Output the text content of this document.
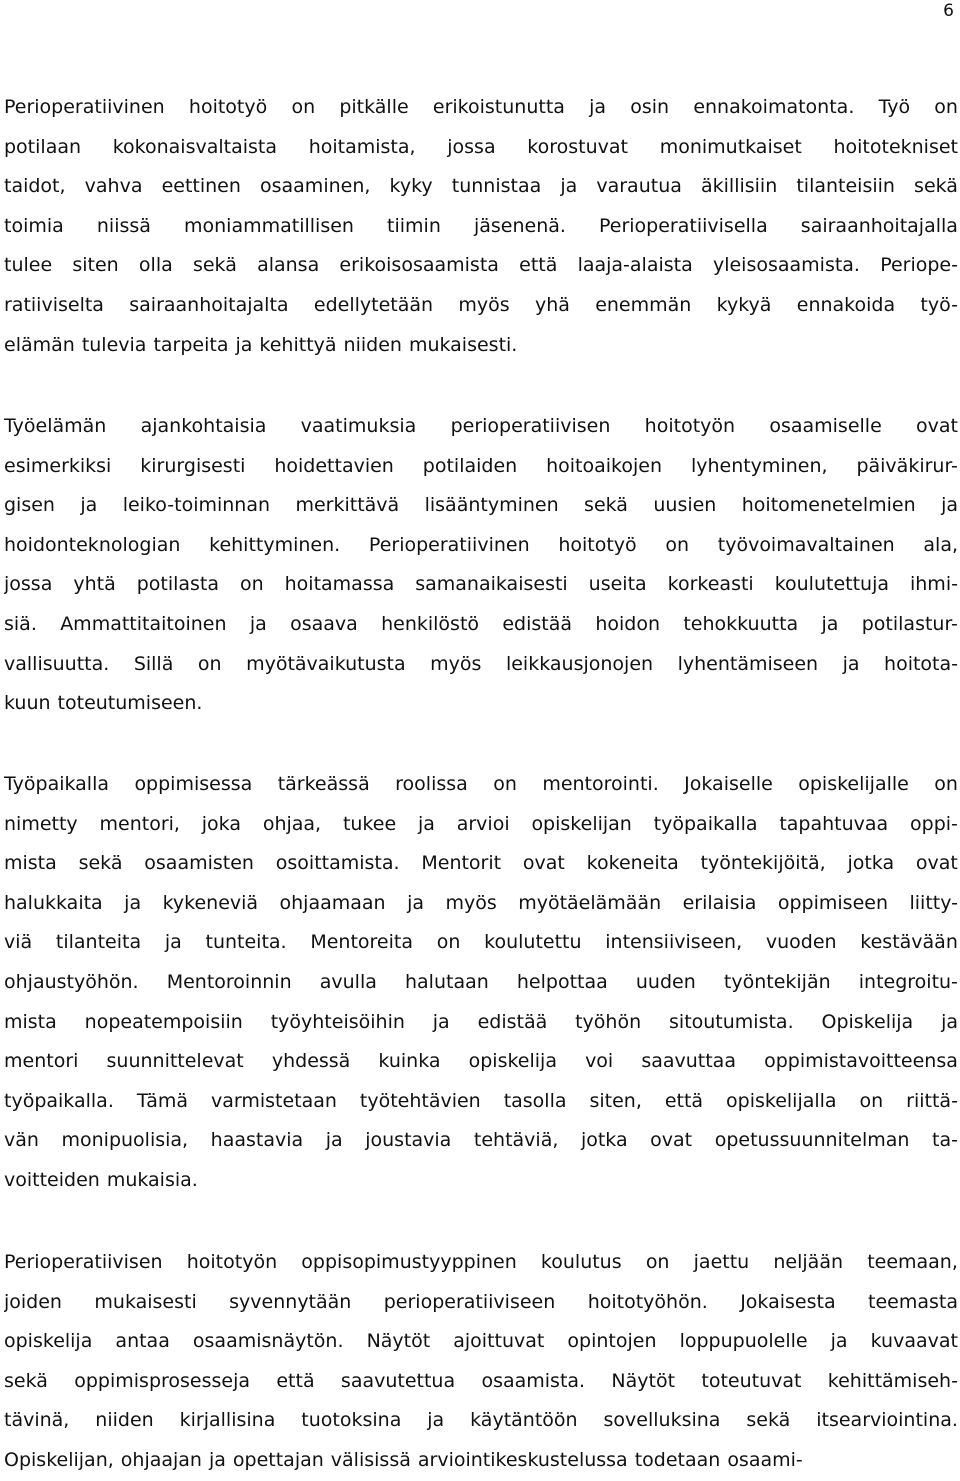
6
Perioperatiivinen hoitotyö on pitkälle erikoistunutta ja osin ennakoimatonta. Työ on
potilaan kokonaisvaltaista hoitamista, jossa korostuvat monimutkaiset hoitotekniset
taidot, vahva eettinen osaaminen, kyky tunnistaa ja varautua äkillisiin tilanteisiin sekä
toimia niissä moniammatillisen tiimin jäsenenä. Perioperatiivisella sairaanhoitajalla
tulee siten olla sekä alansa erikoisosaamista että laaja-alaista yleisosaamista. Periope-
ratiiviselta sairaanhoitajalta edellytetään myös yhä enemmän kykyä ennakoida työ-
elämän tulevia tarpeita ja kehittyä niiden mukaisesti.
Työelämän ajankohtaisia vaatimuksia perioperatiivisen hoitotyön osaamiselle ovat
esimerkiksi kirurgisesti hoidettavien potilaiden hoitoaikojen lyhentyminen, päiväkirur-
gisen ja leiko-toiminnan merkittävä lisääntyminen sekä uusien hoitomenetelmien ja
hoidonteknologian kehittyminen. Perioperatiivinen hoitotyö on työvoimavaltainen ala,
jossa yhtä potilasta on hoitamassa samanaikaisesti useita korkeasti koulutettuja ihmi-
siä. Ammattitaitoinen ja osaava henkilöstö edistää hoidon tehokkuutta ja potilastur-
vallisuutta. Sillä on myötävaikutusta myös leikkausjonojen lyhentämiseen ja hoitota-
kuun toteutumiseen.
Työpaikalla oppimisessa tärkeässä roolissa on mentorointi. Jokaiselle opiskelijalle on
nimetty mentori, joka ohjaa, tukee ja arvioi opiskelijan työpaikalla tapahtuvaa oppi-
mista sekä osaamisten osoittamista. Mentorit ovat kokeneita työntekijöitä, jotka ovat
halukkaita ja kykeneviä ohjaamaan ja myös myötäelämään erilaisia oppimiseen liitty-
viä tilanteita ja tunteita. Mentoreita on koulutettu intensiiviseen, vuoden kestävään
ohjaustyöhön. Mentoroinnin avulla halutaan helpottaa uuden työntekijän integroitu-
mista nopeatempoisiin työyhteisöihin ja edistää työhön sitoutumista. Opiskelija ja
mentori suunnittelevat yhdessä kuinka opiskelija voi saavuttaa oppimistavoitteensa
työpaikalla. Tämä varmistetaan työtehtävien tasolla siten, että opiskelijalla on riittä-
vän monipuolisia, haastavia ja joustavia tehtäviä, jotka ovat opetussuunnitelman ta-
voitteiden mukaisia.
Perioperatiivisen hoitotyön oppisopimustyyppinen koulutus on jaettu neljään teemaan,
joiden mukaisesti syvennytään perioperatiiviseen hoitotyöhön. Jokaisesta teemasta
opiskelija antaa osaamisnäytön. Näytöt ajoittuvat opintojen loppupuolelle ja kuvaavat
sekä oppimisprosesseja että saavutettua osaamista. Näytöt toteutuvat kehittämiseh-
tävinä, niiden kirjallisina tuotoksina ja käytäntöön sovelluksina sekä itsearviointina.
Opiskelijan, ohjaajan ja opettajan välisissä arviointikeskustelussa todetaan osaami-
